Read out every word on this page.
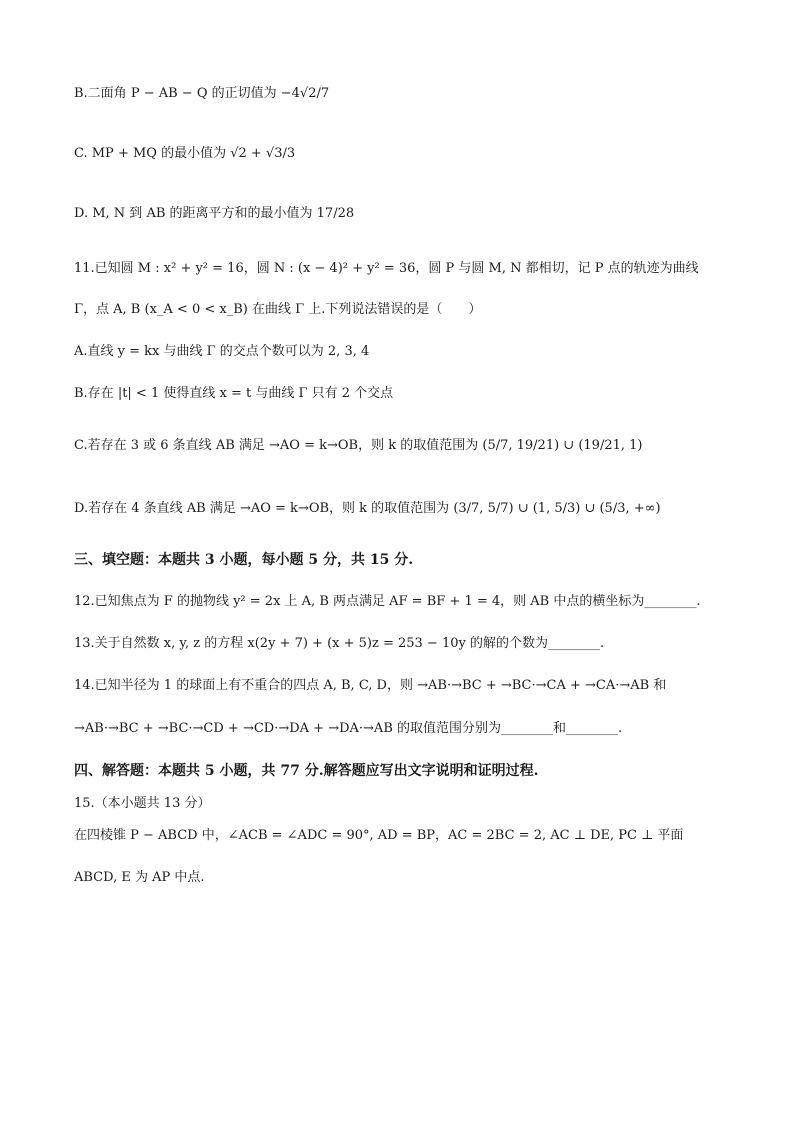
B.二面角 P − AB − Q 的正切值为 −4√2/7
C. MP + MQ 的最小值为 √2 + √3/3
D. M, N 到 AB 的距离平方和的最小值为 17/28
11.已知圆 M : x² + y² = 16，圆 N : (x − 4)² + y² = 36，圆 P 与圆 M, N 都相切，记 P 点的轨迹为曲线
Γ，点 A, B (x_A < 0 < x_B) 在曲线 Γ 上.下列说法错误的是（　　）
A.直线 y = kx 与曲线 Γ 的交点个数可以为 2, 3, 4
B.存在 |t| < 1 使得直线 x = t 与曲线 Γ 只有 2 个交点
C.若存在 3 或 6 条直线 AB 满足 →AO = k→OB，则 k 的取值范围为 (5/7, 19/21) ∪ (19/21, 1)
D.若存在 4 条直线 AB 满足 →AO = k→OB，则 k 的取值范围为 (3/7, 5/7) ∪ (1, 5/3) ∪ (5/3, +∞)
三、填空题：本题共 3 小题，每小题 5 分，共 15 分.
12.已知焦点为 F 的抛物线 y² = 2x 上 A, B 两点满足 AF = BF + 1 = 4，则 AB 中点的横坐标为________.
13.关于自然数 x, y, z 的方程 x(2y + 7) + (x + 5)z = 253 − 10y 的解的个数为________.
14.已知半径为 1 的球面上有不重合的四点 A, B, C, D，则 →AB·→BC + →BC·→CA + →CA·→AB 和
→AB·→BC + →BC·→CD + →CD·→DA + →DA·→AB 的取值范围分别为________和________.
四、解答题：本题共 5 小题，共 77 分.解答题应写出文字说明和证明过程.
15.（本小题共 13 分）
在四棱锥 P − ABCD 中，∠ACB = ∠ADC = 90°, AD = BP，AC = 2BC = 2, AC ⊥ DE, PC ⊥ 平面
ABCD, E 为 AP 中点.
